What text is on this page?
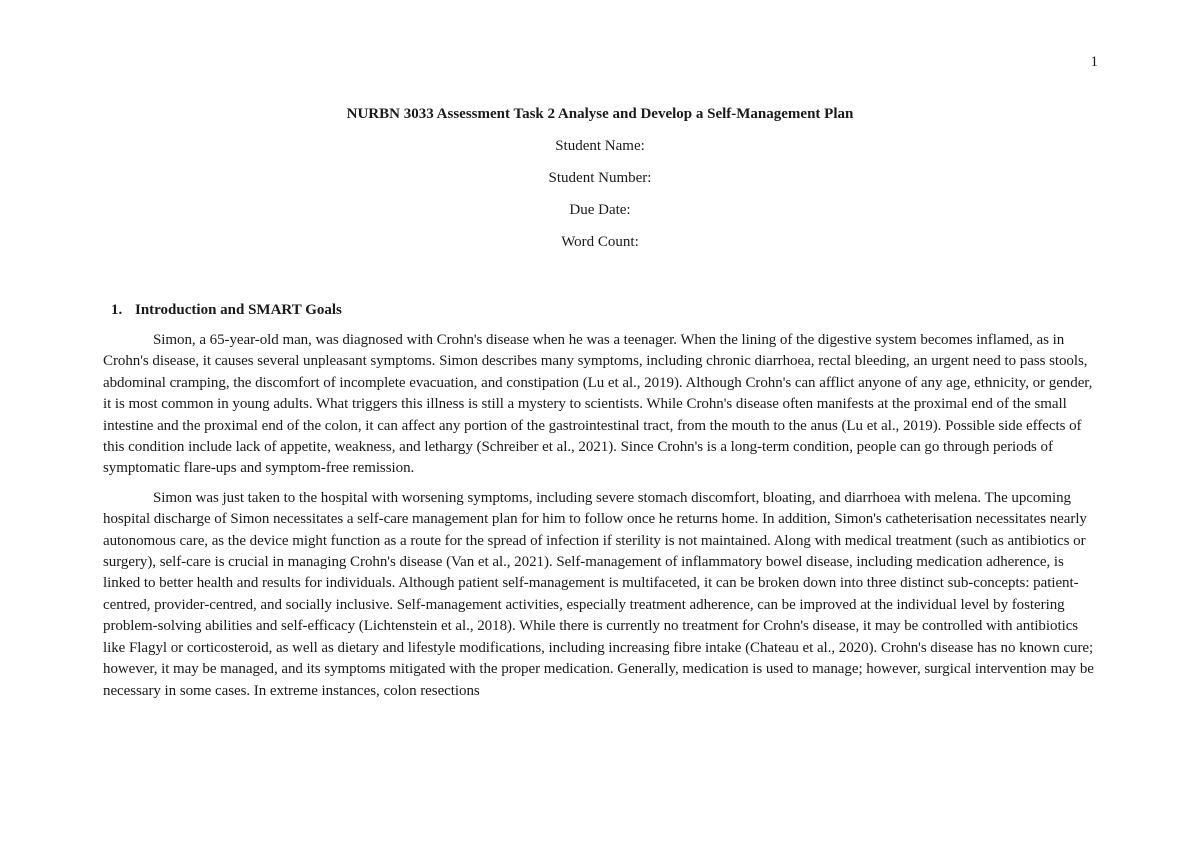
1
NURBN 3033 Assessment Task 2 Analyse and Develop a Self-Management Plan
Student Name:
Student Number:
Due Date:
Word Count:
1. Introduction and SMART Goals

Simon, a 65-year-old man, was diagnosed with Crohn's disease when he was a teenager. When the lining of the digestive system becomes inflamed, as in Crohn's disease, it causes several unpleasant symptoms. Simon describes many symptoms, including chronic diarrhoea, rectal bleeding, an urgent need to pass stools, abdominal cramping, the discomfort of incomplete evacuation, and constipation (Lu et al., 2019). Although Crohn's can afflict anyone of any age, ethnicity, or gender, it is most common in young adults. What triggers this illness is still a mystery to scientists. While Crohn's disease often manifests at the proximal end of the small intestine and the proximal end of the colon, it can affect any portion of the gastrointestinal tract, from the mouth to the anus (Lu et al., 2019). Possible side effects of this condition include lack of appetite, weakness, and lethargy (Schreiber et al., 2021). Since Crohn's is a long-term condition, people can go through periods of symptomatic flare-ups and symptom-free remission.

Simon was just taken to the hospital with worsening symptoms, including severe stomach discomfort, bloating, and diarrhoea with melena. The upcoming hospital discharge of Simon necessitates a self-care management plan for him to follow once he returns home. In addition, Simon's catheterisation necessitates nearly autonomous care, as the device might function as a route for the spread of infection if sterility is not maintained. Along with medical treatment (such as antibiotics or surgery), self-care is crucial in managing Crohn's disease (Van et al., 2021). Self-management of inflammatory bowel disease, including medication adherence, is linked to better health and results for individuals. Although patient self-management is multifaceted, it can be broken down into three distinct sub-concepts: patient-centred, provider-centred, and socially inclusive. Self-management activities, especially treatment adherence, can be improved at the individual level by fostering problem-solving abilities and self-efficacy (Lichtenstein et al., 2018). While there is currently no treatment for Crohn's disease, it may be controlled with antibiotics like Flagyl or corticosteroid, as well as dietary and lifestyle modifications, including increasing fibre intake (Chateau et al., 2020). Crohn's disease has no known cure; however, it may be managed, and its symptoms mitigated with the proper medication. Generally, medication is used to manage; however, surgical intervention may be necessary in some cases. In extreme instances, colon resections
